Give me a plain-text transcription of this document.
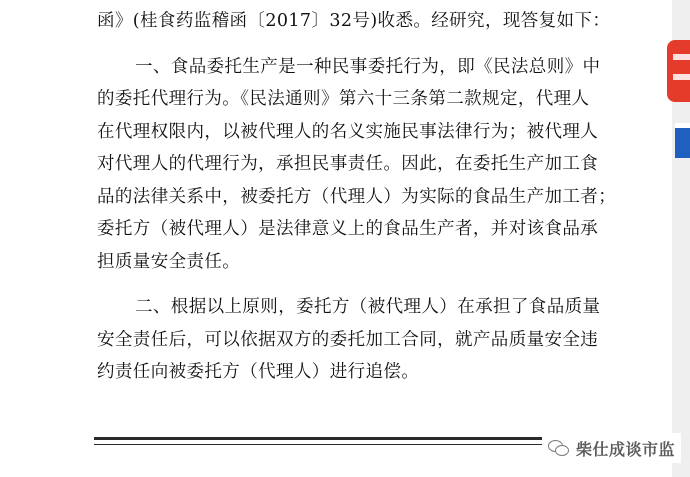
函》(桂食药监稽函〔2017〕32号)收悉。经研究，现答复如下：
一、食品委托生产是一种民事委托行为，即《民法总则》中
的委托代理行为。《民法通则》第六十三条第二款规定，代理人
在代理权限内，以被代理人的名义实施民事法律行为；被代理人
对代理人的代理行为，承担民事责任。因此，在委托生产加工食
品的法律关系中，被委托方（代理人）为实际的食品生产加工者；
委托方（被代理人）是法律意义上的食品生产者，并对该食品承
担质量安全责任。
二、根据以上原则，委托方（被代理人）在承担了食品质量
安全责任后，可以依据双方的委托加工合同，就产品质量安全违
约责任向被委托方（代理人）进行追偿。
柴仕成谈市监
